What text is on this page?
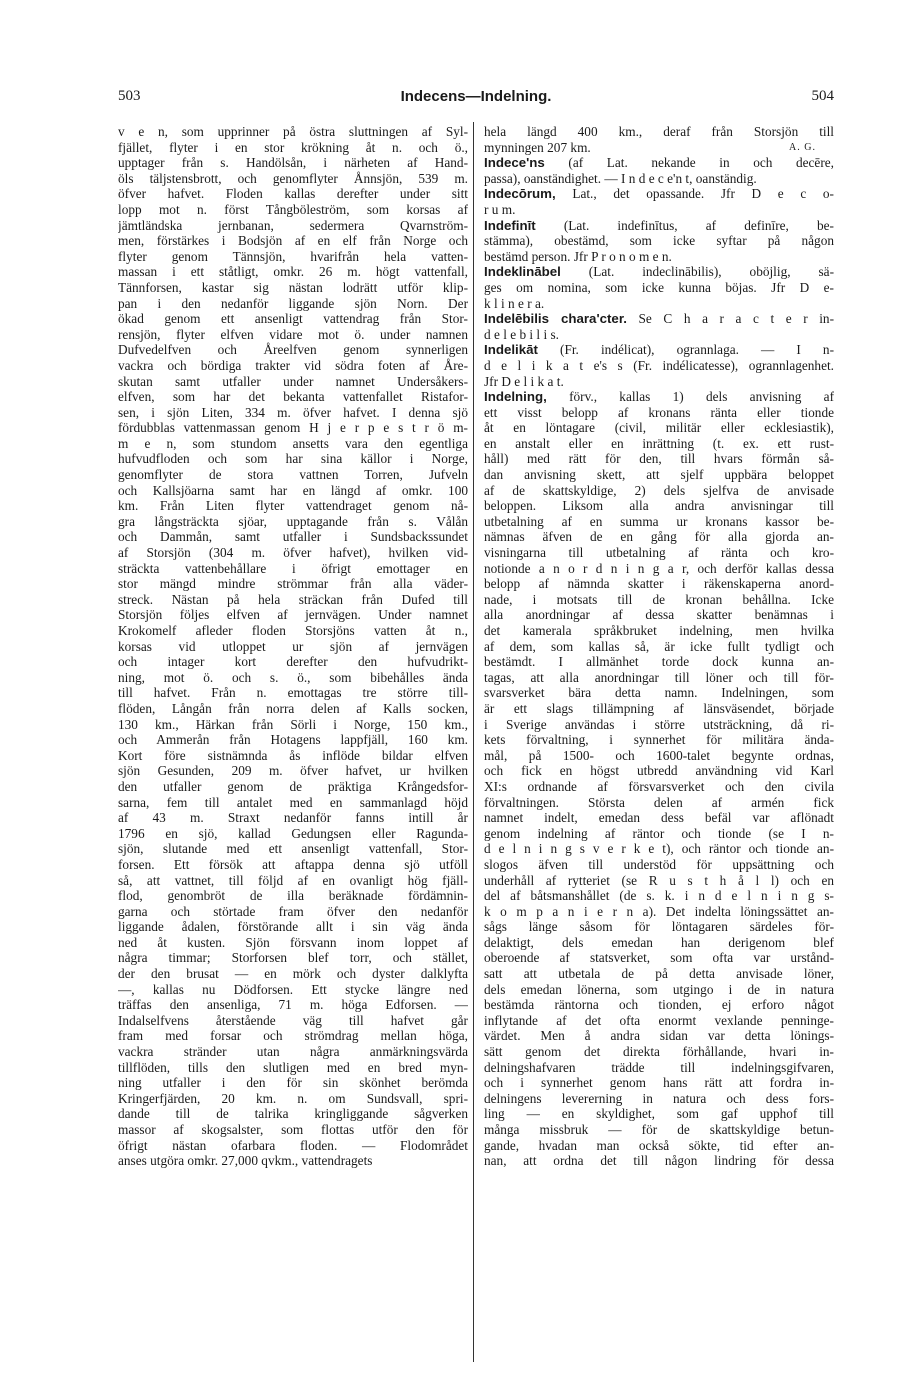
503	Indecens—Indelning.	504
v e n, som upprinner på östra sluttningen af Syl-
fjället, flyter i en stor krökning åt n. och ö.,
upptager från s. Handölsån, i närheten af Hand-
öls täljstensbrott, och genomflyter Ånnsjön, 539 m.
öfver hafvet. Floden kallas derefter under sitt
lopp mot n. först Tångböleström, som korsas af
jämtländska jernbanan, sedermera Qvarnström-
men, förstärkes i Bodsjön af en elf från Norge och
flyter genom Tännsjön, hvarifrån hela vatten-
massan i ett ståtligt, omkr. 26 m. högt vattenfall,
Tännforsen, kastar sig nästan lodrätt utför klip-
pan i den nedanför liggande sjön Norn. Der
ökad genom ett ansenligt vattendrag från Stor-
rensjön, flyter elfven vidare mot ö. under namnen
Dufvedelfven och Åreelfven genom synnerligen
vackra och bördiga trakter vid södra foten af Åre-
skutan samt utfaller under namnet Undersåkers-
elfven, som har det bekanta vattenfallet Ristafor-
sen, i sjön Liten, 334 m. öfver hafvet. I denna sjö
fördubblas vattenmassan genom H j e r p e s t r ö m-
m e n, som stundom ansetts vara den egentliga
hufvudfloden och som har sina källor i Norge,
genomflyter de stora vattnen Torren, Jufveln
och Kallsjöarna samt har en längd af omkr. 100
km. Från Liten flyter vattendraget genom nå-
gra långsträckta sjöar, upptagande från s. Vålån
och Dammån, samt utfaller i Sundsbackssundet
af Storsjön (304 m. öfver hafvet), hvilken vid-
sträckta vattenbehållare i öfrigt emottager en
stor mängd mindre strömmar från alla väder-
streck. Nästan på hela sträckan från Dufed till
Storsjön följes elfven af jernvägen. Under namnet
Krokomelf afleder floden Storsjöns vatten åt n.,
korsas vid utloppet ur sjön af jernvägen
och intager kort derefter den hufvudrikt-
ning, mot ö. och s. ö., som bibehålles ända
till hafvet. Från n. emottagas tre större till-
flöden, Långån från norra delen af Kalls socken,
130 km., Härkan från Sörli i Norge, 150 km.,
och Ammerån från Hotagens lappfjäll, 160 km.
Kort före sistnämnda ås inflöde bildar elfven
sjön Gesunden, 209 m. öfver hafvet, ur hvilken
den utfaller genom de präktiga Krångedsfor-
sarna, fem till antalet med en sammanlagd höjd
af 43 m. Straxt nedanför fanns intill år
1796 en sjö, kallad Gedungsen eller Ragunda-
sjön, slutande med ett ansenligt vattenfall, Stor-
forsen. Ett försök att aftappa denna sjö utföll
så, att vattnet, till följd af en ovanligt hög fjäll-
flod, genombröt de illa beräknade fördämnin-
garna och störtade fram öfver den nedanför
liggande ådalen, förstörande allt i sin väg ända
ned åt kusten. Sjön försvann inom loppet af
några timmar; Storforsen blef torr, och stället,
der den brusat — en mörk och dyster dalklyfta
—, kallas nu Dödforsen. Ett stycke längre ned
träffas den ansenliga, 71 m. höga Edforsen. —
Indalselfvens återstående väg till hafvet går
fram med forsar och strömdrag mellan höga,
vackra stränder utan några anmärkningsvärda
tillflöden, tills den slutligen med en bred myn-
ning utfaller i den för sin skönhet berömda
Kringerfjärden, 20 km. n. om Sundsvall, spri-
dande till de talrika kringliggande sågverken
massor af skogsalster, som flottas utför den för
öfrigt nästan ofarbara floden. — Flodområdet
anses utgöra omkr. 27,000 qvkm., vattendragets
hela längd 400 km., deraf från Storsjön till
mynningen 207 km.	A. G.
Indece'ns (af Lat. nekande in och decēre,
passa), oanständighet. — I n d e c e'n t, oanständig.
Indecōrum, Lat., det opassande. Jfr D e c o-
r u m.
Indefinīt (Lat. indefinītus, af definīre, be-
stämma), obestämd, som icke syftar på någon
bestämd person. Jfr P r o n o m e n.
Indeklinābel (Lat. indeclinābilis), oböjlig, sä-
ges om nomina, som icke kunna böjas. Jfr D e-
k l i n e r a.
Indelēbilis chara'cter. Se C h a r a c t e r in-
d e l e b i l i s.
Indelikāt (Fr. indélicat), ogrannlaga. — I n-
d e l i k a t e's s (Fr. indélicatesse), ogrannlagenhet.
Jfr D e l i k a t.
Indelning, förv., kallas 1) dels anvisning af
ett visst belopp af kronans ränta eller tionde
åt en löntagare (civil, militär eller ecklesiastik),
en anstalt eller en inrättning (t. ex. ett rust-
håll) med rätt för den, till hvars förmån så-
dan anvisning skett, att sjelf uppbära beloppet
af de skattskyldige, 2) dels sjelfva de anvisade
beloppen. Liksom alla andra anvisningar till
utbetalning af en summa ur kronans kassor be-
nämnas äfven de en gång för alla gjorda an-
visningarna till utbetalning af ränta och kro-
notionde a n o r d n i n g a r, och derför kallas dessa
belopp af nämnda skatter i räkenskaperna anord-
nade, i motsats till de kronan behållna. Icke
alla anordningar af dessa skatter benämnas i
det kamerala språkbruket indelning, men hvilka
af dem, som kallas så, är icke fullt tydligt och
bestämdt. I allmänhet torde dock kunna an-
tagas, att alla anordningar till löner och till för-
svarsverket bära detta namn. Indelningen, som
är ett slags tillämpning af länsväsendet, började
i Sverige användas i större utsträckning, då ri-
kets förvaltning, i synnerhet för militära ända-
mål, på 1500- och 1600-talet begynte ordnas,
och fick en högst utbredd användning vid Karl
XI:s ordnande af försvarsverket och den civila
förvaltningen. Största delen af armén fick
namnet indelt, emedan dess befäl var aflönadt
genom indelning af räntor och tionde (se I n-
d e l n i n g s v e r k e t), och räntor och tionde an-
slogos äfven till understöd för uppsättning och
underhåll af rytteriet (se R u s t h å l l) och en
del af båtsmanshållet (de s. k. i n d e l n i n g s-
k o m p a n i e r n a). Det indelta löningssättet an-
sågs länge såsom för löntagaren särdeles för-
delaktigt, dels emedan han derigenom blef
oberoende af statsverket, som ofta var urstånd-
satt att utbetala de på detta anvisade löner,
dels emedan lönerna, som utgingo i de in natura
bestämda räntorna och tionden, ej erforo något
inflytande af det ofta enormt vexlande penninge-
värdet. Men å andra sidan var detta lönings-
sätt genom det direkta förhållande, hvari in-
delningshafvaren trädde till indelningsgifvaren,
och i synnerhet genom hans rätt att fordra in-
delningens levererning in natura och dess fors-
ling — en skyldighet, som gaf upphof till
många missbruk — för de skattskyldige betun-
gande, hvadan man också sökte, tid efter an-
nan, att ordna det till någon lindring för dessa
